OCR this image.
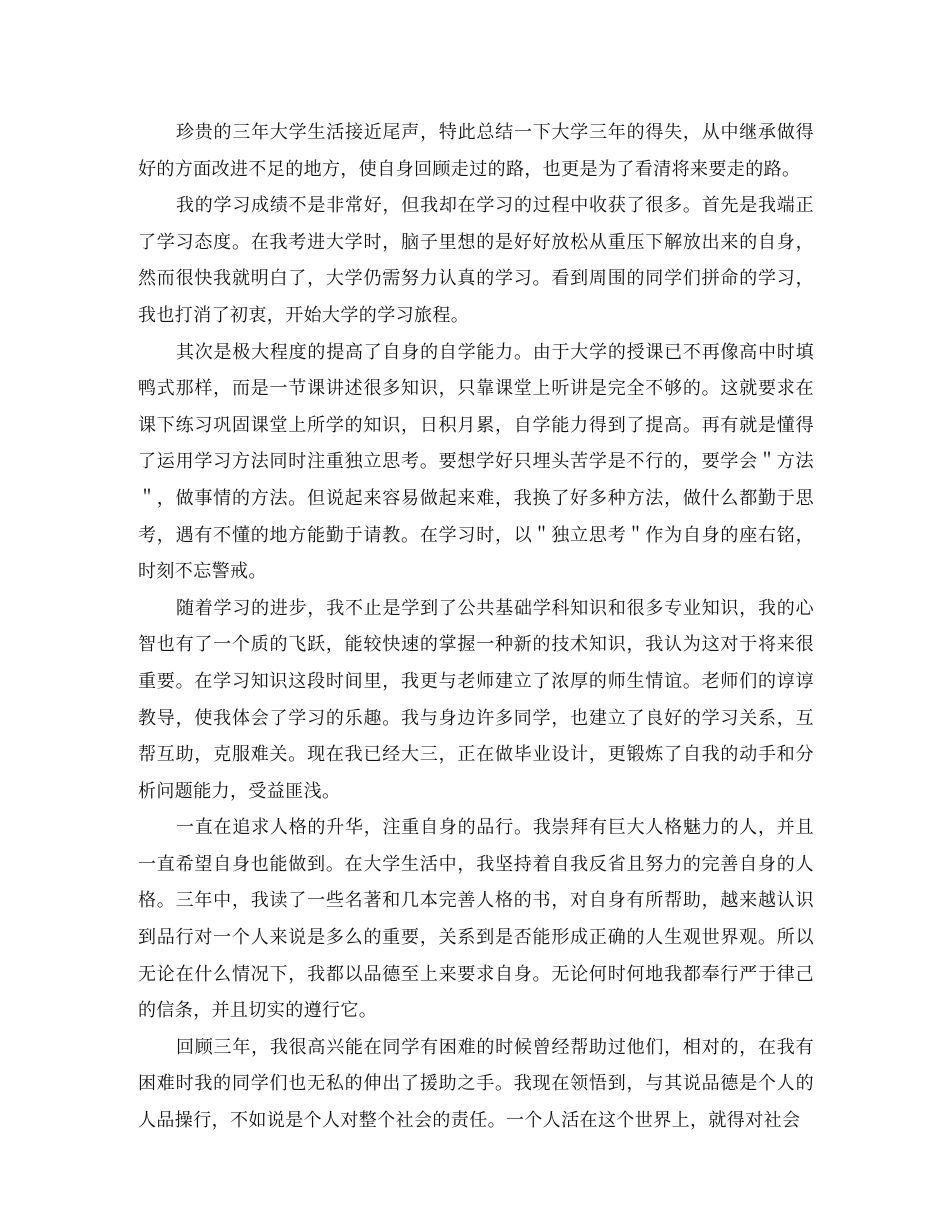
珍贵的三年大学生活接近尾声，特此总结一下大学三年的得失，从中继承做得好的方面改进不足的地方，使自身回顾走过的路，也更是为了看清将来要走的路。

我的学习成绩不是非常好，但我却在学习的过程中收获了很多。首先是我端正了学习态度。在我考进大学时，脑子里想的是好好放松从重压下解放出来的自身，然而很快我就明白了，大学仍需努力认真的学习。看到周围的同学们拼命的学习，我也打消了初衷，开始大学的学习旅程。

其次是极大程度的提高了自身的自学能力。由于大学的授课已不再像高中时填鸭式那样，而是一节课讲述很多知识，只靠课堂上听讲是完全不够的。这就要求在课下练习巩固课堂上所学的知识，日积月累，自学能力得到了提高。再有就是懂得了运用学习方法同时注重独立思考。要想学好只埋头苦学是不行的，要学会＂方法＂，做事情的方法。但说起来容易做起来难，我换了好多种方法，做什么都勤于思考，遇有不懂的地方能勤于请教。在学习时，以＂独立思考＂作为自身的座右铭，时刻不忘警戒。

随着学习的进步，我不止是学到了公共基础学科知识和很多专业知识，我的心智也有了一个质的飞跃，能较快速的掌握一种新的技术知识，我认为这对于将来很重要。在学习知识这段时间里，我更与老师建立了浓厚的师生情谊。老师们的谆谆教导，使我体会了学习的乐趣。我与身边许多同学，也建立了良好的学习关系，互帮互助，克服难关。现在我已经大三，正在做毕业设计，更锻炼了自我的动手和分析问题能力，受益匪浅。

一直在追求人格的升华，注重自身的品行。我崇拜有巨大人格魅力的人，并且一直希望自身也能做到。在大学生活中，我坚持着自我反省且努力的完善自身的人格。三年中，我读了一些名著和几本完善人格的书，对自身有所帮助，越来越认识到品行对一个人来说是多么的重要，关系到是否能形成正确的人生观世界观。所以无论在什么情况下，我都以品德至上来要求自身。无论何时何地我都奉行严于律己的信条，并且切实的遵行它。

回顾三年，我很高兴能在同学有困难的时候曾经帮助过他们，相对的，在我有困难时我的同学们也无私的伸出了援助之手。我现在领悟到，与其说品德是个人的人品操行，不如说是个人对整个社会的责任。一个人活在这个世界上，就得对社会
